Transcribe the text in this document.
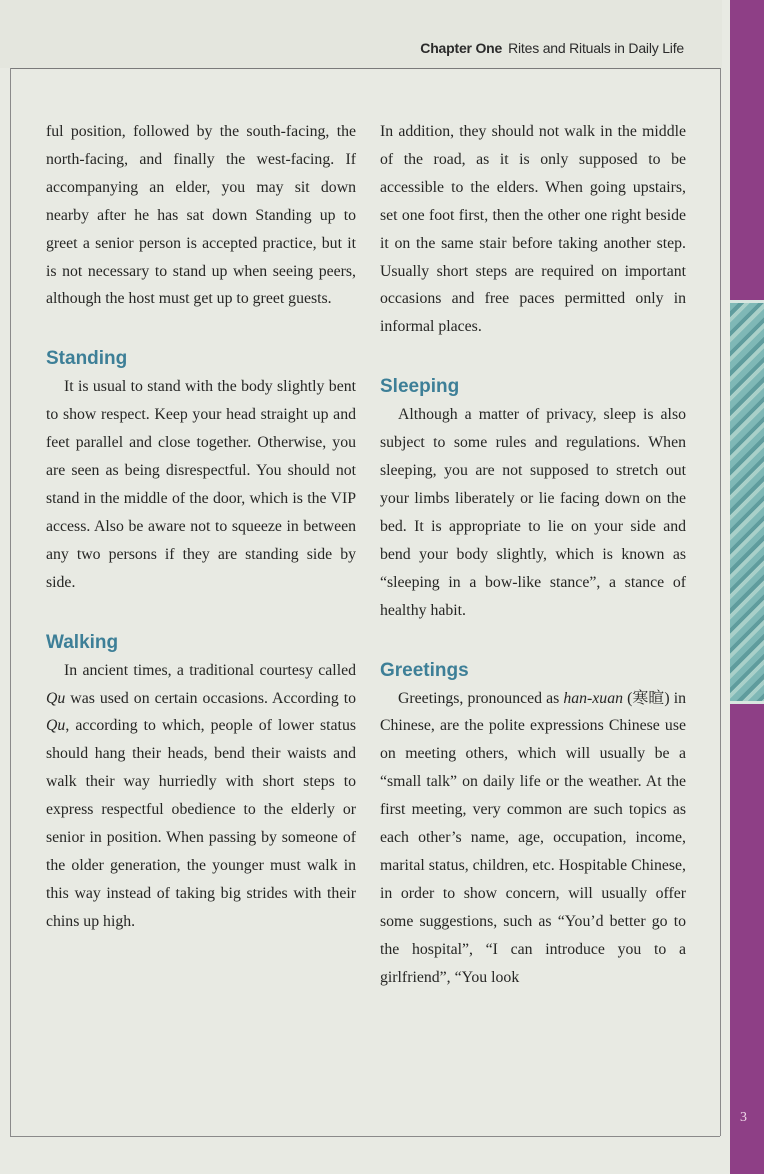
Chapter One Rites and Rituals in Daily Life

ful position, followed by the south-facing, the north-facing, and finally the west-facing. If accompanying an elder, you may sit down nearby after he has sat down Standing up to greet a senior person is accepted practice, but it is not necessary to stand up when seeing peers, although the host must get up to greet guests.

Standing

It is usual to stand with the body slightly bent to show respect. Keep your head straight up and feet parallel and close together. Otherwise, you are seen as being disrespectful. You should not stand in the middle of the door, which is the VIP access. Also be aware not to squeeze in between any two persons if they are standing side by side.

Walking

In ancient times, a traditional courtesy called Qu was used on certain occasions. According to Qu, according to which, people of lower status should hang their heads, bend their waists and walk their way hurriedly with short steps to express respectful obedience to the elderly or senior in position. When passing by someone of the older generation, the younger must walk in this way instead of taking big strides with their chins up high.

In addition, they should not walk in the middle of the road, as it is only supposed to be accessible to the elders. When going upstairs, set one foot first, then the other one right beside it on the same stair before taking another step. Usually short steps are required on important occasions and free paces permitted only in informal places.

Sleeping

Although a matter of privacy, sleep is also subject to some rules and regulations. When sleeping, you are not supposed to stretch out your limbs liberately or lie facing down on the bed. It is appropriate to lie on your side and bend your body slightly, which is known as “sleeping in a bow-like stance”, a stance of healthy habit.

Greetings

Greetings, pronounced as han-xuan (寒暄) in Chinese, are the polite expressions Chinese use on meeting others, which will usually be a “small talk” on daily life or the weather. At the first meeting, very common are such topics as each other’s name, age, occupation, income, marital status, children, etc. Hospitable Chinese, in order to show concern, will usually offer some suggestions, such as “You’d better go to the hospital”, “I can introduce you to a girlfriend”, “You look

3
